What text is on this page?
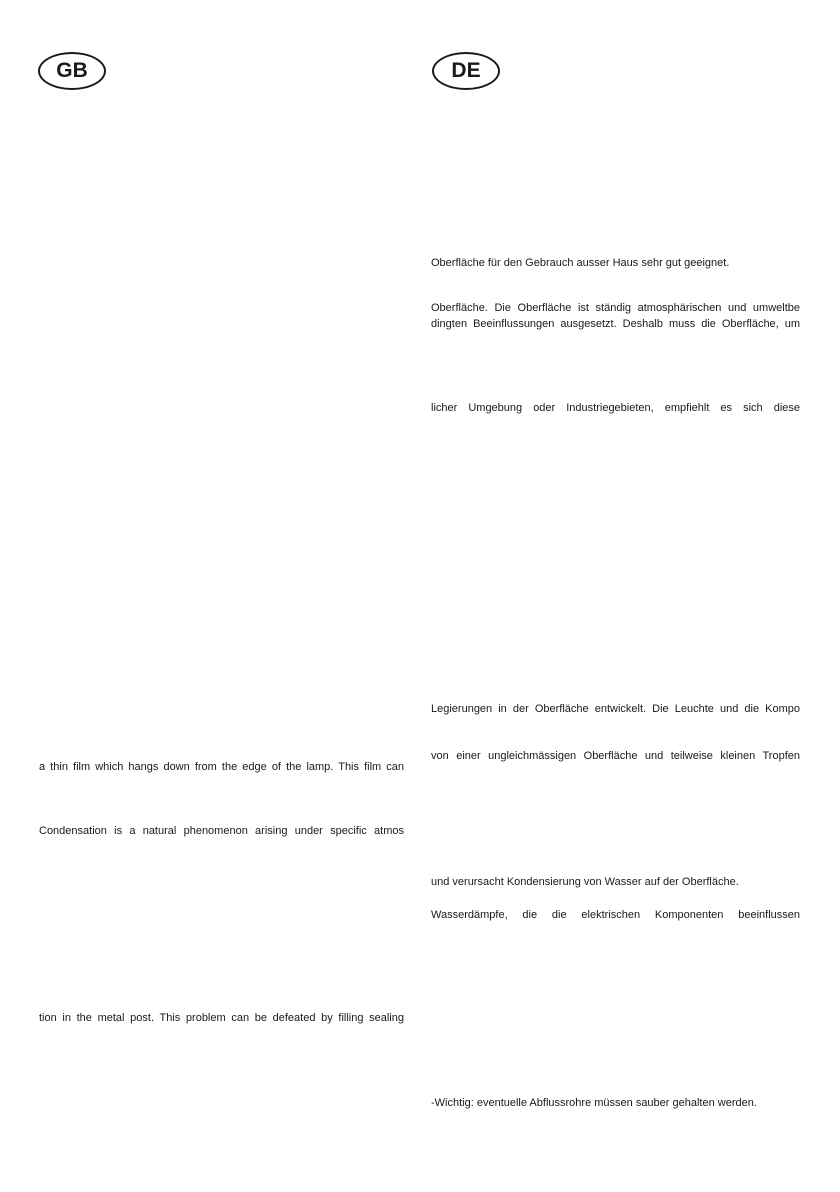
GB	DE
a thin film which hangs down from the edge of the lamp. This film can
Condensation is a natural phenomenon arising under specific atmos
tion in the metal post. This problem can be defeated by filling sealing
Oberfläche für den Gebrauch ausser Haus sehr gut geeignet.
Oberfläche. Die Oberfläche ist ständig atmosphärischen und umweltbe
dingten Beeinflussungen ausgesetzt. Deshalb muss die Oberfläche, um
licher Umgebung oder Industriegebieten, empfiehlt es sich diese
Legierungen in der Oberfläche entwickelt. Die Leuchte und die Kompo
von einer ungleichmässigen Oberfläche und teilweise kleinen Tropfen
und verursacht Kondensierung von Wasser auf der Oberfläche.
Wasserdämpfe, die die elektrischen Komponenten beeinflussen
-Wichtig: eventuelle Abflussrohre müssen sauber gehalten werden.
